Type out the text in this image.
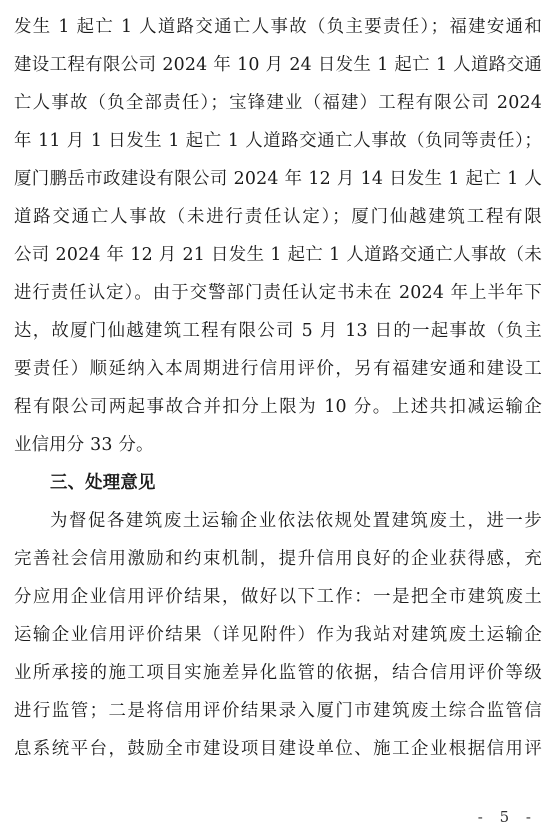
发生 1 起亡 1 人道路交通亡人事故（负主要责任）；福建安通和
建设工程有限公司 2024 年 10 月 24 日发生 1 起亡 1 人道路交通
亡人事故（负全部责任）；宝锋建业（福建）工程有限公司 2024
年 11 月 1 日发生 1 起亡 1 人道路交通亡人事故（负同等责任）；
厦门鹏岳市政建设有限公司 2024 年 12 月 14 日发生 1 起亡 1 人
道路交通亡人事故（未进行责任认定）；厦门仙越建筑工程有限
公司 2024 年 12 月 21 日发生 1 起亡 1 人道路交通亡人事故（未
进行责任认定）。由于交警部门责任认定书未在 2024 年上半年下
达，故厦门仙越建筑工程有限公司 5 月 13 日的一起事故（负主
要责任）顺延纳入本周期进行信用评价，另有福建安通和建设工
程有限公司两起事故合并扣分上限为 10 分。上述共扣减运输企
业信用分 33 分。
三、处理意见
为督促各建筑废土运输企业依法依规处置建筑废土，进一步
完善社会信用激励和约束机制，提升信用良好的企业获得感，充
分应用企业信用评价结果，做好以下工作：一是把全市建筑废土
运输企业信用评价结果（详见附件）作为我站对建筑废土运输企
业所承接的施工项目实施差异化监管的依据，结合信用评价等级
进行监管；二是将信用评价结果录入厦门市建筑废土综合监管信
息系统平台，鼓励全市建设项目建设单位、施工企业根据信用评
- 5 -
